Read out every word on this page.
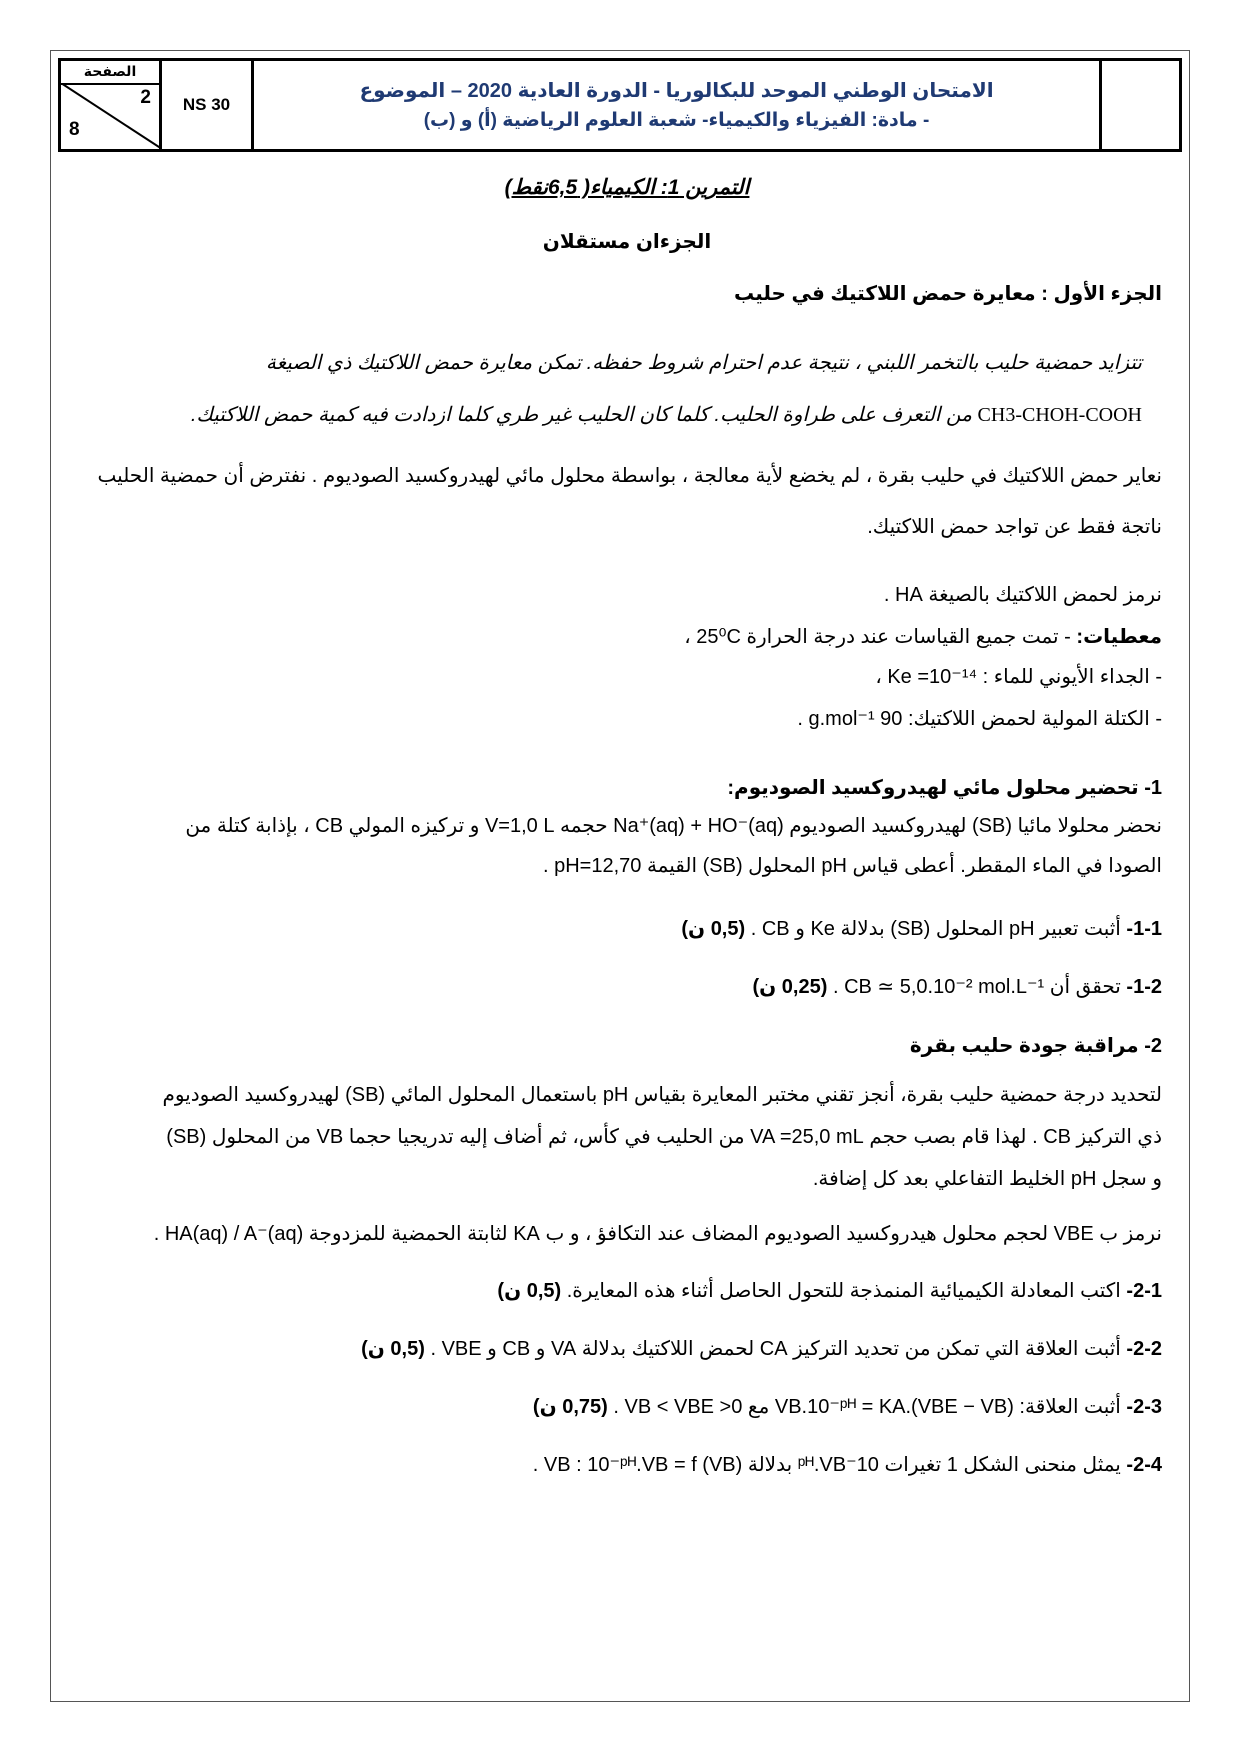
الصفحة
2
8
NS 30
الامتحان الوطني الموحد للبكالوريا - الدورة العادية 2020 – الموضوع
- مادة: الفيزياء والكيمياء- شعبة العلوم الرياضية (أ) و (ب)
التمرين 1: الكيمياء( 6,5نقط)
الجزءان مستقلان
الجزء الأول : معايرة حمض اللاكتيك في حليب
تتزايد حمضية حليب بالتخمر اللبني ، نتيجة عدم احترام شروط حفظه. تمكن معايرة حمض اللاكتيك ذي الصيغة
CH3-CHOH-COOH من التعرف على طراوة الحليب. كلما كان الحليب غير طري كلما ازدادت فيه كمية حمض اللاكتيك.
نعاير حمض اللاكتيك في حليب بقرة ، لم يخضع لأية معالجة ، بواسطة محلول مائي لهيدروكسيد الصوديوم . نفترض أن حمضية الحليب ناتجة فقط عن تواجد حمض اللاكتيك.
نرمز لحمض اللاكتيك بالصيغة HA .
معطيات: - تمت جميع القياسات عند درجة الحرارة 25⁰C ،
- الجداء الأيوني للماء : Ke =10⁻¹⁴ ،
- الكتلة المولية لحمض اللاكتيك: 90 g.mol⁻¹ .
1- تحضير محلول مائي لهيدروكسيد الصوديوم:
نحضر محلولا مائيا (SB) لهيدروكسيد الصوديوم Na⁺(aq) + HO⁻(aq) حجمه V=1,0 L و تركيزه المولي CB ، بإذابة كتلة من
الصودا في الماء المقطر. أعطى قياس pH المحلول (SB) القيمة pH=12,70 .
1-1- أثبت تعبير pH المحلول (SB) بدلالة Ke و CB . (0,5 ن)
1-2- تحقق أن CB ≃ 5,0.10⁻² mol.L⁻¹ . (0,25 ن)
2- مراقبة جودة حليب بقرة
لتحديد درجة حمضية حليب بقرة، أنجز تقني مختبر المعايرة بقياس pH باستعمال المحلول المائي (SB) لهيدروكسيد الصوديوم
ذي التركيز CB . لهذا قام بصب حجم VA =25,0 mL من الحليب في كأس، ثم أضاف إليه تدريجيا حجما VB من المحلول (SB)
و سجل pH الخليط التفاعلي بعد كل إضافة.
نرمز ب VBE لحجم محلول هيدروكسيد الصوديوم المضاف عند التكافؤ ، و ب KA لثابتة الحمضية للمزدوجة HA(aq) / A⁻(aq) .
2-1- اكتب المعادلة الكيميائية المنمذجة للتحول الحاصل أثناء هذه المعايرة. (0,5 ن)
2-2- أثبت العلاقة التي تمكن من تحديد التركيز CA لحمض اللاكتيك بدلالة VA و CB و VBE . (0,5 ن)
2-3- أثبت العلاقة: VB.10⁻ᵖᴴ = KA.(VBE − VB) مع 0< VB < VBE . (0,75 ن)
2-4- يمثل منحنى الشكل 1 تغيرات 10⁻ᵖᴴ.VB بدلالة VB : 10⁻ᵖᴴ.VB = f (VB) .
